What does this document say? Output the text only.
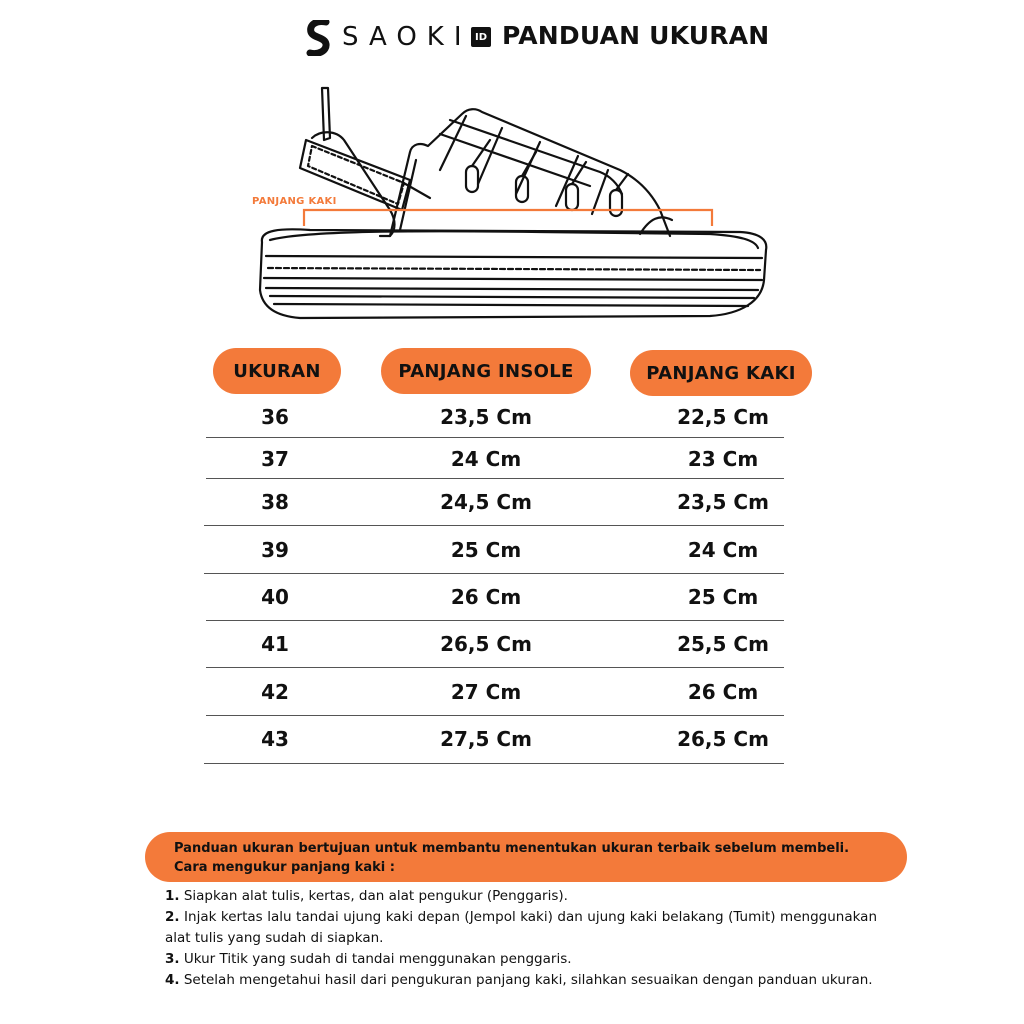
SAOKI ID PANDUAN UKURAN
PANJANG KAKI
UKURAN	PANJANG INSOLE	PANJANG KAKI
36	23,5 Cm	22,5 Cm
37	24 Cm	23 Cm
38	24,5 Cm	23,5 Cm
39	25 Cm	24 Cm
40	26 Cm	25 Cm
41	26,5 Cm	25,5 Cm
42	27 Cm	26 Cm
43	27,5 Cm	26,5 Cm
Panduan ukuran bertujuan untuk membantu menentukan ukuran terbaik sebelum membeli.
Cara mengukur panjang kaki :
1. Siapkan alat tulis, kertas, dan alat pengukur (Penggaris).
2. Injak kertas lalu tandai ujung kaki depan (Jempol kaki) dan ujung kaki belakang (Tumit) menggunakan alat tulis yang sudah di siapkan.
3. Ukur Titik yang sudah di tandai menggunakan penggaris.
4. Setelah mengetahui hasil dari pengukuran panjang kaki, silahkan sesuaikan dengan panduan ukuran.
